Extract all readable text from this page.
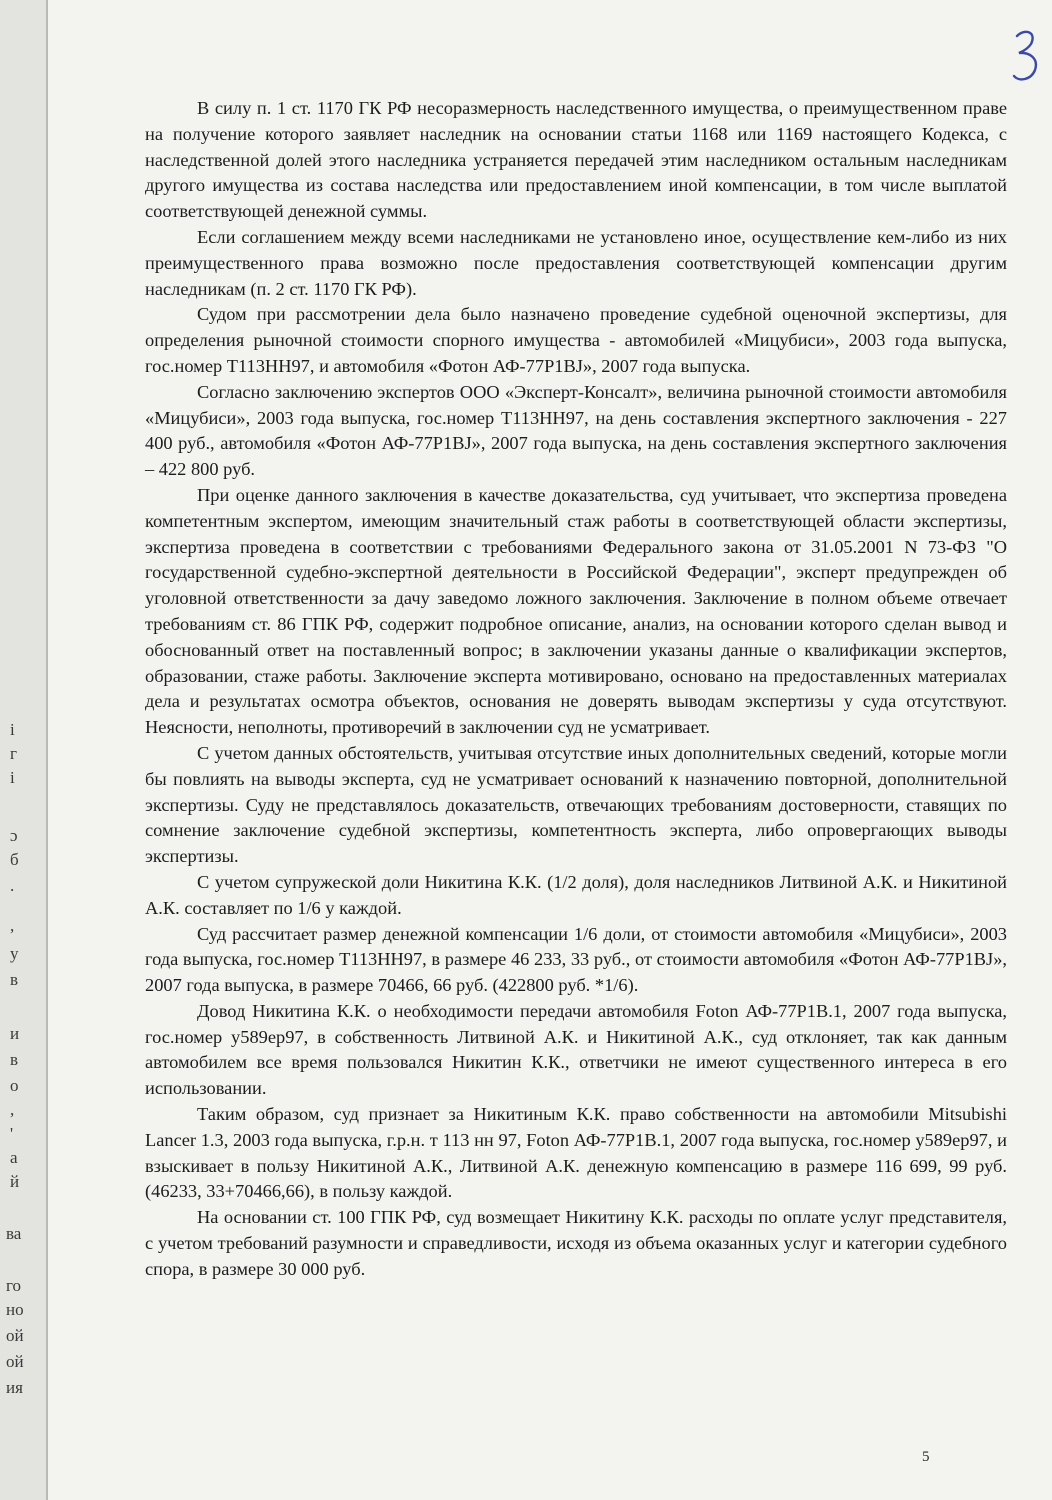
i
г
i
ɔ
б
.
,
у
в
и
в
о
,
'
а
й
ва
го
но
ой
ой
ия

В силу п. 1 ст. 1170 ГК РФ несоразмерность наследственного имущества, о преимущественном праве на получение которого заявляет наследник на основании статьи 1168 или 1169 настоящего Кодекса, с наследственной долей этого наследника устраняется передачей этим наследником остальным наследникам другого имущества из состава наследства или предоставлением иной компенсации, в том числе выплатой соответствующей денежной суммы.

Если соглашением между всеми наследниками не установлено иное, осуществление кем-либо из них преимущественного права возможно после предоставления соответствующей компенсации другим наследникам (п. 2 ст. 1170 ГК РФ).

Судом при рассмотрении дела было назначено проведение судебной оценочной экспертизы, для определения рыночной стоимости спорного имущества - автомобилей «Мицубиси», 2003 года выпуска, гос.номер Т113НН97, и автомобиля «Фотон АФ-77Р1BJ», 2007 года выпуска.

Согласно заключению экспертов ООО «Эксперт-Консалт», величина рыночной стоимости автомобиля «Мицубиси», 2003 года выпуска, гос.номер Т113НН97, на день составления экспертного заключения - 227 400 руб., автомобиля «Фотон АФ-77Р1BJ», 2007 года выпуска, на день составления экспертного заключения – 422 800 руб.

При оценке данного заключения в качестве доказательства, суд учитывает, что экспертиза проведена компетентным экспертом, имеющим значительный стаж работы в соответствующей области экспертизы, экспертиза проведена в соответствии с требованиями Федерального закона от 31.05.2001 N 73-ФЗ "О государственной судебно-экспертной деятельности в Российской Федерации", эксперт предупрежден об уголовной ответственности за дачу заведомо ложного заключения. Заключение в полном объеме отвечает требованиям ст. 86 ГПК РФ, содержит подробное описание, анализ, на основании которого сделан вывод и обоснованный ответ на поставленный вопрос; в заключении указаны данные о квалификации экспертов, образовании, стаже работы. Заключение эксперта мотивировано, основано на предоставленных материалах дела и результатах осмотра объектов, основания не доверять выводам экспертизы у суда отсутствуют. Неясности, неполноты, противоречий в заключении суд не усматривает.

С учетом данных обстоятельств, учитывая отсутствие иных дополнительных сведений, которые могли бы повлиять на выводы эксперта, суд не усматривает оснований к назначению повторной, дополнительной экспертизы. Суду не представлялось доказательств, отвечающих требованиям достоверности, ставящих по сомнение заключение судебной экспертизы, компетентность эксперта, либо опровергающих выводы экспертизы.

С учетом супружеской доли Никитина К.К. (1/2 доля), доля наследников Литвиной А.К. и Никитиной А.К. составляет по 1/6 у каждой.

Суд рассчитает размер денежной компенсации 1/6 доли, от стоимости автомобиля «Мицубиси», 2003 года выпуска, гос.номер Т113НН97, в размере 46 233, 33 руб., от стоимости автомобиля «Фотон АФ-77Р1BJ», 2007 года выпуска, в размере 70466, 66 руб. (422800 руб. *1/6).

Довод Никитина К.К. о необходимости передачи автомобиля Foton АФ-77Р1В.1, 2007 года выпуска, гос.номер у589ер97, в собственность Литвиной А.К. и Никитиной А.К., суд отклоняет, так как данным автомобилем все время пользовался Никитин К.К., ответчики не имеют существенного интереса в его использовании.

Таким образом, суд признает за Никитиным К.К. право собственности на автомобили Mitsubishi Lancer 1.3, 2003 года выпуска, г.р.н. т 113 нн 97, Foton АФ-77Р1В.1, 2007 года выпуска, гос.номер у589ер97, и взыскивает в пользу Никитиной А.К., Литвиной А.К. денежную компенсацию в размере 116 699, 99 руб. (46233, 33+70466,66), в пользу каждой.

На основании ст. 100 ГПК РФ, суд возмещает Никитину К.К. расходы по оплате услуг представителя, с учетом требований разумности и справедливости, исходя из объема оказанных услуг и категории судебного спора, в размере 30 000 руб.

5
